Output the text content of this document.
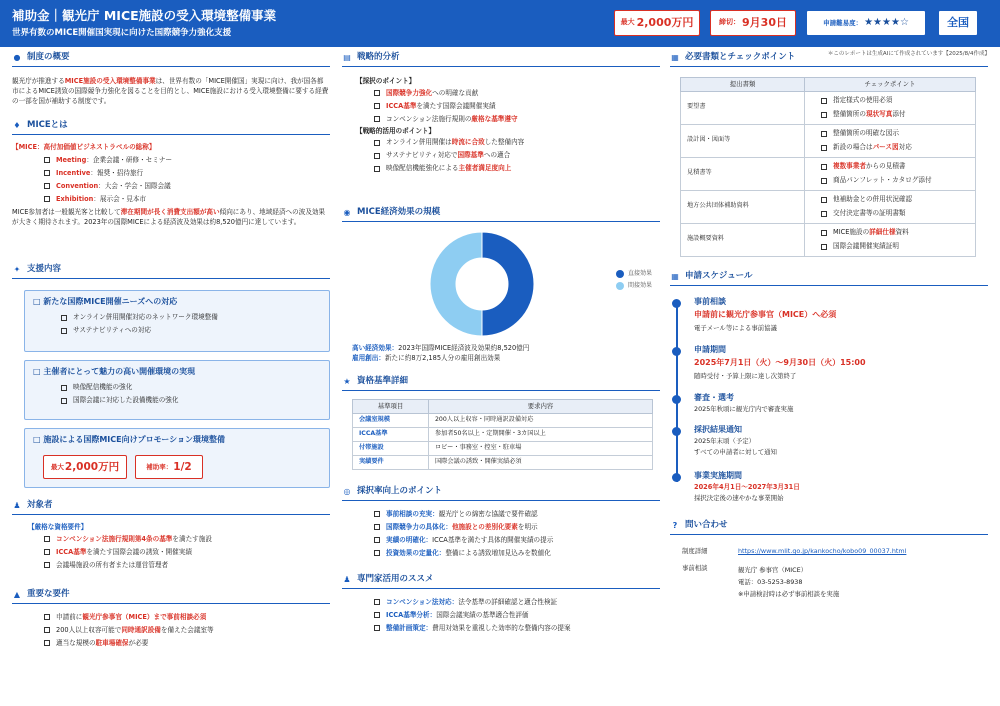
補助金｜観光庁 MICE施設の受入環境整備事業
世界有数のMICE開催国実現に向けた国際競争力強化支援
最大 2,000万円	締切： 9月30日	申請難易度： ★★★★☆	全国
＊このレポートは生成AIにて作成されています【2025/8/4作成】
● 制度の概要
観光庁が推進するMICE施設の受入環境整備事業は、世界有数の「MICE開催国」実現に向け、我が国各都市によるMICE誘致の国際競争力強化を図ることを目的とし、MICE施設における受入環境整備に要する経費の一部を国が補助する制度です。
♦ MICEとは
【MICE：高付加価値ビジネストラベルの総称】
Meeting：企業会議・研修・セミナー
Incentive：報奨・招待旅行
Convention：大会・学会・国際会議
Exhibition：展示会・見本市
MICE参加者は一般観光客と比較して滞在期間が長く消費支出額が高い傾向にあり、地域経済への波及効果が大きく期待されます。2023年の国際MICEによる経済波及効果は約8,520億円に達しています。
✦ 支援内容
□ 新たな国際MICE開催ニーズへの対応
オンライン併用開催対応のネットワーク環境整備
サステナビリティへの対応
□ 主催者にとって魅力の高い開催環境の実現
映像配信機能の強化
国際会議に対応した設備機能の強化
□ 施設による国際MICE向けプロモーション環境整備
最大 2,000万円	補助率： 1/2
♟ 対象者
【厳格な資格要件】
コンベンション法施行規則第4条の基準を満たす施設
ICCA基準を満たす国際会議の誘致・開催実績
会議場施設の所有者または運営管理者
▲ 重要な要件
申請前に観光庁参事官（MICE）まで事前相談必須
200人以上収容可能で同時通訳設備を備えた会議室等
適当な規模の駐車場確保が必要
▤ 戦略的分析
【採択のポイント】
国際競争力強化への明確な貢献
ICCA基準を満たす国際会議開催実績
コンベンション法施行規則の厳格な基準遵守
【戦略的活用のポイント】
オンライン併用開催は時流に合致した整備内容
サステナビリティ対応で国際基準への適合
映像配信機能強化による主催者満足度向上
◉ MICE経済効果の規模
直接効果
間接効果
高い経済効果：2023年国際MICE経済波及効果約8,520億円
雇用創出：新たに約8万2,185人分の雇用創出効果
★ 資格基準詳細
基準項目	要求内容
会議室規模	200人以上収容・同時通訳設備対応
ICCA基準	参加者50名以上・定期開催・3カ国以上
付帯施設	ロビー・事務室・控室・駐車場
実績要件	国際会議の誘致・開催実績必須
◎ 採択率向上のポイント
事前相談の充実：観光庁との綿密な協議で要件確認
国際競争力の具体化：他施設との差別化要素を明示
実績の明確化：ICCA基準を満たす具体的開催実績の提示
投資効果の定量化：整備による誘致増加見込みを数値化
♟ 専門家活用のススメ
コンベンション法対応：法令基準の詳細確認と適合性検証
ICCA基準分析：国際会議実績の基準適合性評価
整備計画策定：費用対効果を重視した効率的な整備内容の提案
▦ 必要書類とチェックポイント
提出書類	チェックポイント
要望書	指定様式の使用必須
整備箇所の現状写真添付

設計図・図面等	整備箇所の明確な図示
新設の場合はパース図対応

見積書等	複数事業者からの見積書
商品パンフレット・カタログ添付

地方公共団体補助資料	他補助金との併用状況確認
交付決定書等の証明書類

施設概要資料	MICE施設の詳細仕様資料
国際会議開催実績証明
▦ 申請スケジュール
事前相談
申請前に観光庁参事官（MICE）へ必須
電子メール等による事前協議
申請期間
2025年7月1日（火）～9月30日（火）15:00
随時受付・予算上限に達し次第終了
審査・選考
2025年秋頃に観光庁内で審査実施
採択結果通知
2025年末頃（予定）
すべての申請者に対して通知
事業実施期間
2026年4月1日～2027年3月31日
採択決定後の速やかな事業開始
? 問い合わせ
制度詳細	https://www.mlit.go.jp/kankocho/kobo09_00037.html
事前相談	観光庁 参事官（MICE）
電話：03-5253-8938
※申請検討時は必ず事前相談を実施
